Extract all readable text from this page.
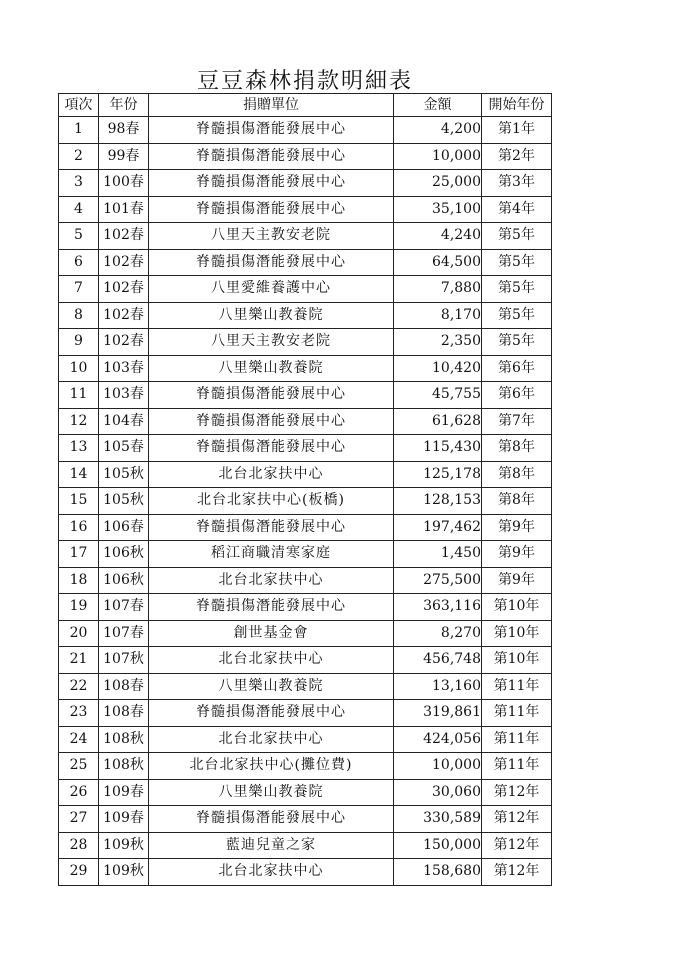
豆豆森林捐款明細表
項次	年份	捐贈單位	金額	開始年份
1	98春	脊髓損傷潛能發展中心	4,200	第1年
2	99春	脊髓損傷潛能發展中心	10,000	第2年
3	100春	脊髓損傷潛能發展中心	25,000	第3年
4	101春	脊髓損傷潛能發展中心	35,100	第4年
5	102春	八里天主教安老院	4,240	第5年
6	102春	脊髓損傷潛能發展中心	64,500	第5年
7	102春	八里愛維養護中心	7,880	第5年
8	102春	八里樂山教養院	8,170	第5年
9	102春	八里天主教安老院	2,350	第5年
10	103春	八里樂山教養院	10,420	第6年
11	103春	脊髓損傷潛能發展中心	45,755	第6年
12	104春	脊髓損傷潛能發展中心	61,628	第7年
13	105春	脊髓損傷潛能發展中心	115,430	第8年
14	105秋	北台北家扶中心	125,178	第8年
15	105秋	北台北家扶中心(板橋)	128,153	第8年
16	106春	脊髓損傷潛能發展中心	197,462	第9年
17	106秋	稻江商職清寒家庭	1,450	第9年
18	106秋	北台北家扶中心	275,500	第9年
19	107春	脊髓損傷潛能發展中心	363,116	第10年
20	107春	創世基金會	8,270	第10年
21	107秋	北台北家扶中心	456,748	第10年
22	108春	八里樂山教養院	13,160	第11年
23	108春	脊髓損傷潛能發展中心	319,861	第11年
24	108秋	北台北家扶中心	424,056	第11年
25	108秋	北台北家扶中心(攤位費)	10,000	第11年
26	109春	八里樂山教養院	30,060	第12年
27	109春	脊髓損傷潛能發展中心	330,589	第12年
28	109秋	藍迪兒童之家	150,000	第12年
29	109秋	北台北家扶中心	158,680	第12年
